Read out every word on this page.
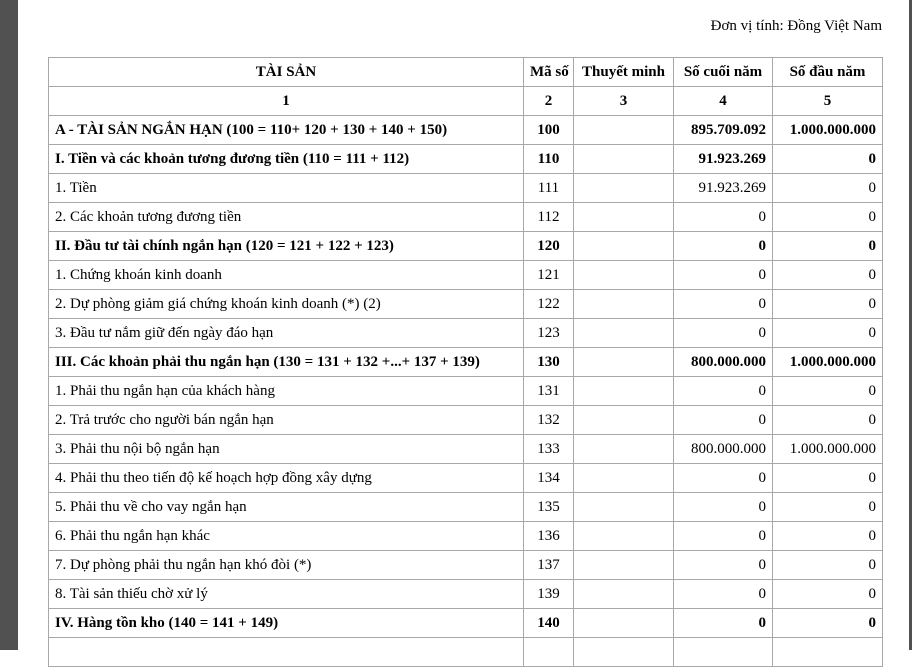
Đơn vị tính: Đồng Việt Nam
TÀI SẢN	Mã số	Thuyết minh	Số cuối năm	Số đầu năm
1	2	3	4	5
A - TÀI SẢN NGẮN HẠN (100 = 110+ 120 + 130 + 140 + 150)	100		895.709.092	1.000.000.000
I. Tiền và các khoản tương đương tiền (110 = 111 + 112)	110		91.923.269	0
1. Tiền	111		91.923.269	0
2. Các khoản tương đương tiền	112		0	0
II. Đầu tư tài chính ngắn hạn (120 = 121 + 122 + 123)	120		0	0
1. Chứng khoán kinh doanh	121		0	0
2. Dự phòng giảm giá chứng khoán kinh doanh (*) (2)	122		0	0
3. Đầu tư nắm giữ đến ngày đáo hạn	123		0	0
III. Các khoản phải thu ngắn hạn (130 = 131 + 132 +...+ 137 + 139)	130		800.000.000	1.000.000.000
1. Phải thu ngắn hạn của khách hàng	131		0	0
2. Trả trước cho người bán ngắn hạn	132		0	0
3. Phải thu nội bộ ngắn hạn	133		800.000.000	1.000.000.000
4. Phải thu theo tiến độ kế hoạch hợp đồng xây dựng	134		0	0
5. Phải thu về cho vay ngắn hạn	135		0	0
6. Phải thu ngắn hạn khác	136		0	0
7. Dự phòng phải thu ngắn hạn khó đòi (*)	137		0	0
8. Tài sản thiếu chờ xử lý	139		0	0
IV. Hàng tồn kho (140 = 141 + 149)	140		0	0
